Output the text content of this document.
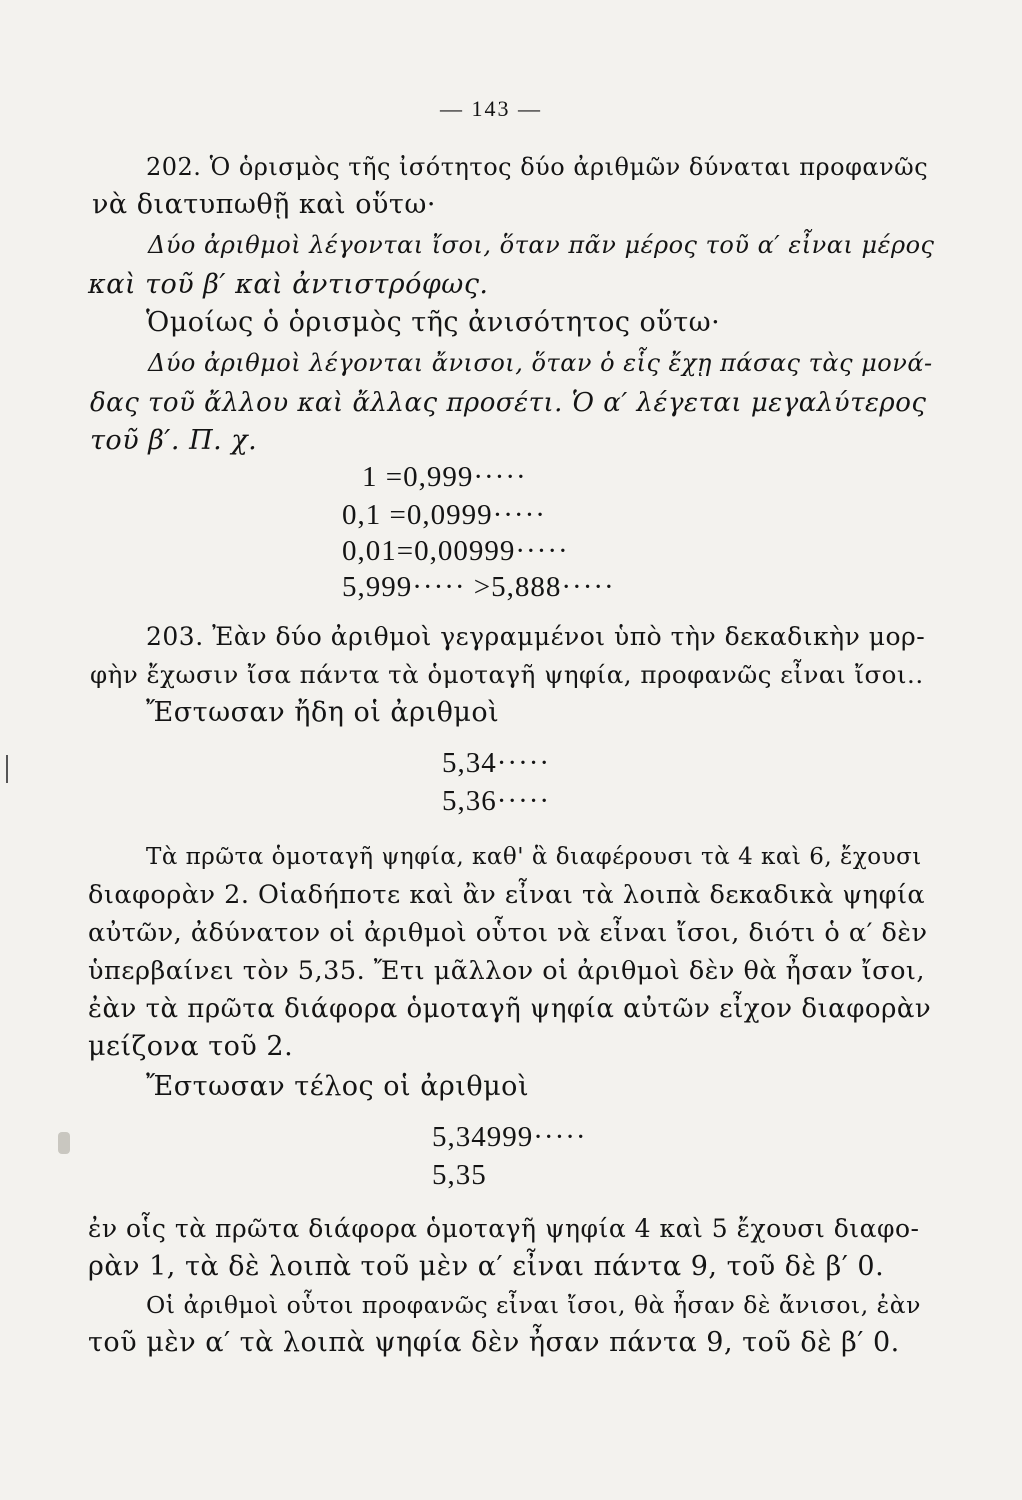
— 143 —
202. Ὁ ὁρισμὸς τῆς ἰσότητος δύο ἀριθμῶν δύναται προφανῶς
νὰ διατυπωθῇ καὶ οὕτω·
Δύο ἀριθμοὶ λέγονται ἴσοι, ὅταν πᾶν μέρος τοῦ α′ εἶναι μέρος
καὶ τοῦ β′ καὶ ἀντιστρόφως.
Ὁμοίως ὁ ὁρισμὸς τῆς ἀνισότητος οὕτω·
Δύο ἀριθμοὶ λέγονται ἄνισοι, ὅταν ὁ εἷς ἔχῃ πάσας τὰς μονά-
δας τοῦ ἄλλου καὶ ἄλλας προσέτι. Ὁ α′ λέγεται μεγαλύτερος
τοῦ β′. Π. χ.
1 =0,999·····
0,1 =0,0999·····
0,01=0,00999·····
5,999····· >5,888·····
203. Ἐὰν δύο ἀριθμοὶ γεγραμμένοι ὑπὸ τὴν δεκαδικὴν μορ-
φὴν ἔχωσιν ἴσα πάντα τὰ ὁμοταγῆ ψηφία, προφανῶς εἶναι ἴσοι..
Ἔστωσαν ἤδη οἱ ἀριθμοὶ
5,34·····
5,36·····
Τὰ πρῶτα ὁμοταγῆ ψηφία, καθ' ἃ διαφέρουσι τὰ 4 καὶ 6, ἔχουσι
διαφορὰν 2. Οἱαδήποτε καὶ ἂν εἶναι τὰ λοιπὰ δεκαδικὰ ψηφία
αὐτῶν, ἀδύνατον οἱ ἀριθμοὶ οὗτοι νὰ εἶναι ἴσοι, διότι ὁ α′ δὲν
ὑπερβαίνει τὸν 5,35. Ἔτι μᾶλλον οἱ ἀριθμοὶ δὲν θὰ ἦσαν ἴσοι,
ἐὰν τὰ πρῶτα διάφορα ὁμοταγῆ ψηφία αὐτῶν εἶχον διαφορὰν
μείζονα τοῦ 2.
Ἔστωσαν τέλος οἱ ἀριθμοὶ
5,34999·····
5,35
ἐν οἷς τὰ πρῶτα διάφορα ὁμοταγῆ ψηφία 4 καὶ 5 ἔχουσι διαφο-
ρὰν 1, τὰ δὲ λοιπὰ τοῦ μὲν α′ εἶναι πάντα 9, τοῦ δὲ β′ 0.
Οἱ ἀριθμοὶ οὗτοι προφανῶς εἶναι ἴσοι, θὰ ἦσαν δὲ ἄνισοι, ἐὰν
τοῦ μὲν α′ τὰ λοιπὰ ψηφία δὲν ἦσαν πάντα 9, τοῦ δὲ β′ 0.
